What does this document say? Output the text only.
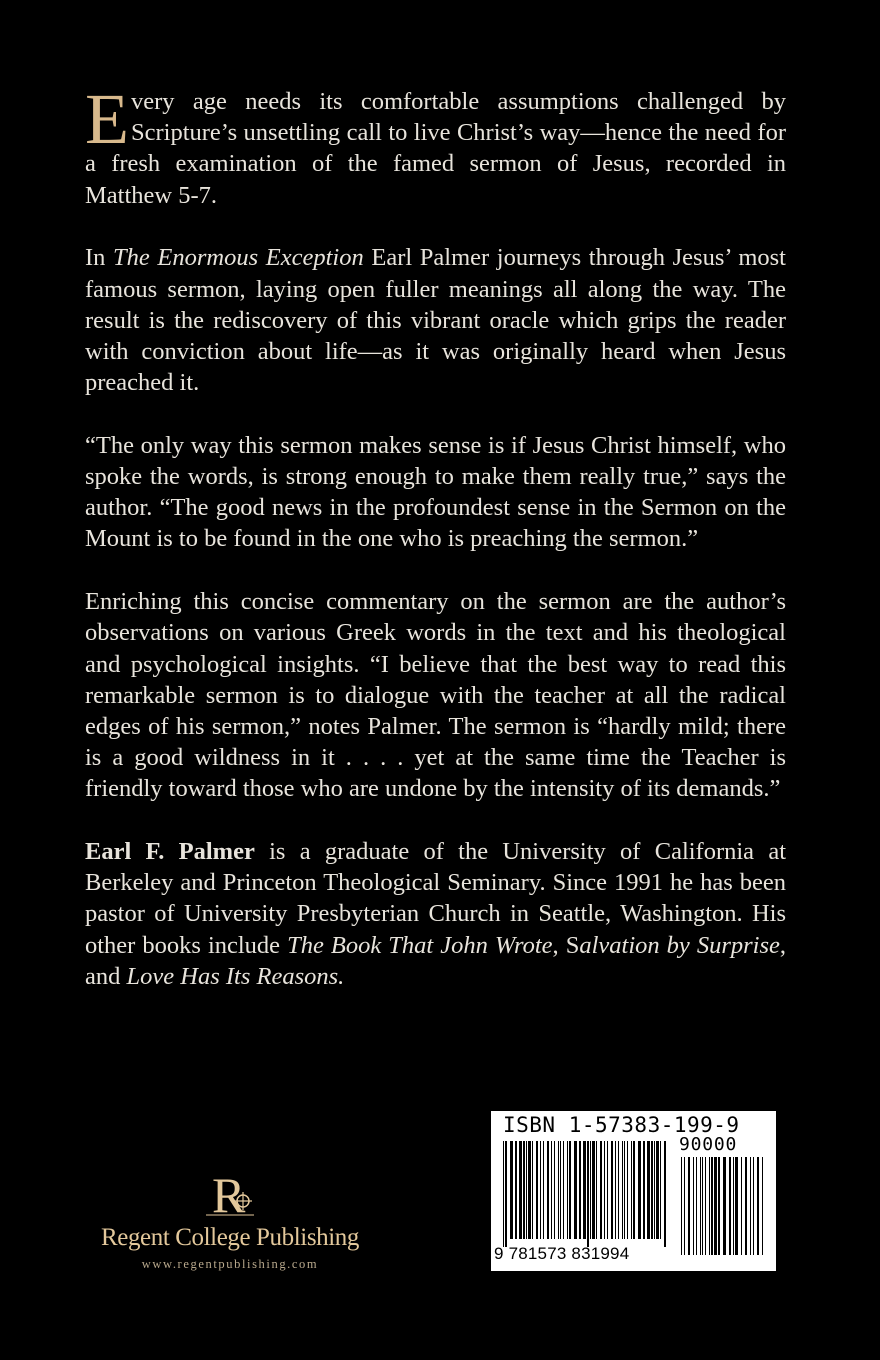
Every age needs its comfortable assumptions challenged by Scripture’s unsettling call to live Christ’s way—hence the need for a fresh examination of the famed sermon of Jesus, recorded in Matthew 5-7.

In The Enormous Exception Earl Palmer journeys through Jesus’ most famous sermon, laying open fuller meanings all along the way. The result is the rediscovery of this vibrant oracle which grips the reader with conviction about life—as it was originally heard when Jesus preached it.

“The only way this sermon makes sense is if Jesus Christ himself, who spoke the words, is strong enough to make them really true,” says the author. “The good news in the profoundest sense in the Sermon on the Mount is to be found in the one who is preaching the sermon.”

Enriching this concise commentary on the sermon are the author’s observations on various Greek words in the text and his theological and psychological insights. “I believe that the best way to read this remarkable sermon is to dialogue with the teacher at all the radical edges of his sermon,” notes Palmer. The sermon is “hardly mild; there is a good wildness in it . . . . yet at the same time the Teacher is friendly toward those who are undone by the intensity of its demands.”

Earl F. Palmer is a graduate of the University of California at Berkeley and Princeton Theological Seminary. Since 1991 he has been pastor of University Presbyterian Church in Seattle, Washington. His other books include The Book That John Wrote, Salvation by Surprise, and Love Has Its Reasons.

R
Regent College Publishing
www.regentpublishing.com
ISBN 1-57383-199-9
90000
9 781573 831994
